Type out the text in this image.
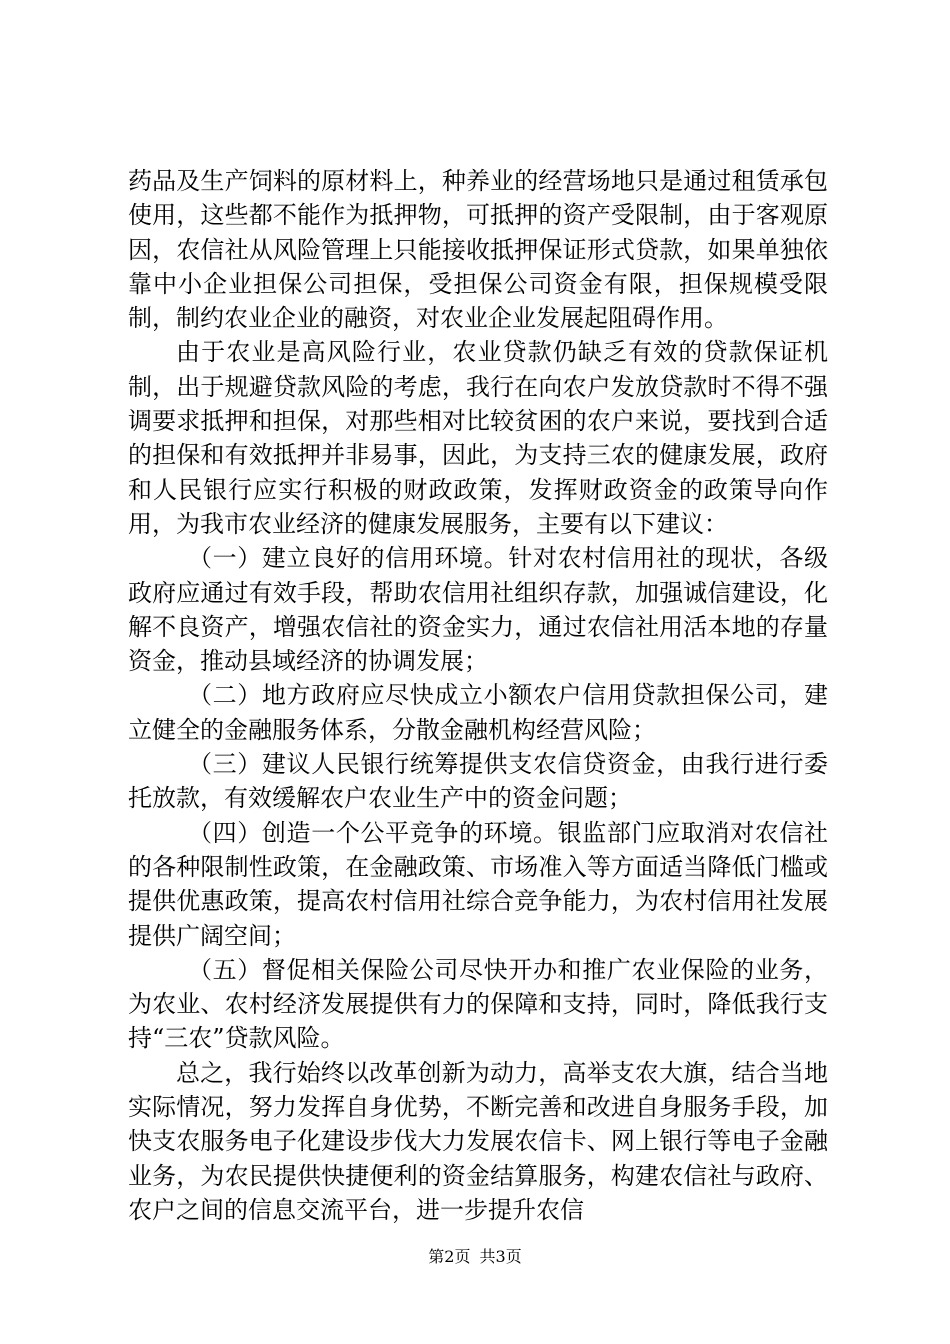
药品及生产饲料的原材料上，种养业的经营场地只是通过租赁承包使用，这些都不能作为抵押物，可抵押的资产受限制，由于客观原因，农信社从风险管理上只能接收抵押保证形式贷款，如果单独依靠中小企业担保公司担保，受担保公司资金有限，担保规模受限制，制约农业企业的融资，对农业企业发展起阻碍作用。

由于农业是高风险行业，农业贷款仍缺乏有效的贷款保证机制，出于规避贷款风险的考虑，我行在向农户发放贷款时不得不强调要求抵押和担保，对那些相对比较贫困的农户来说，要找到合适的担保和有效抵押并非易事，因此，为支持三农的健康发展，政府和人民银行应实行积极的财政政策，发挥财政资金的政策导向作用，为我市农业经济的健康发展服务，主要有以下建议：

（一）建立良好的信用环境。针对农村信用社的现状，各级政府应通过有效手段，帮助农信用社组织存款，加强诚信建设，化解不良资产，增强农信社的资金实力，通过农信社用活本地的存量资金，推动县域经济的协调发展；

（二）地方政府应尽快成立小额农户信用贷款担保公司，建立健全的金融服务体系，分散金融机构经营风险；

（三）建议人民银行统筹提供支农信贷资金，由我行进行委托放款，有效缓解农户农业生产中的资金问题；

（四）创造一个公平竞争的环境。银监部门应取消对农信社的各种限制性政策，在金融政策、市场准入等方面适当降低门槛或提供优惠政策，提高农村信用社综合竞争能力，为农村信用社发展提供广阔空间；

（五）督促相关保险公司尽快开办和推广农业保险的业务，为农业、农村经济发展提供有力的保障和支持，同时，降低我行支持“三农”贷款风险。

总之，我行始终以改革创新为动力，高举支农大旗，结合当地实际情况，努力发挥自身优势，不断完善和改进自身服务手段，加快支农服务电子化建设步伐大力发展农信卡、网上银行等电子金融业务，为农民提供快捷便利的资金结算服务，构建农信社与政府、农户之间的信息交流平台，进一步提升农信

第2页 共3页
